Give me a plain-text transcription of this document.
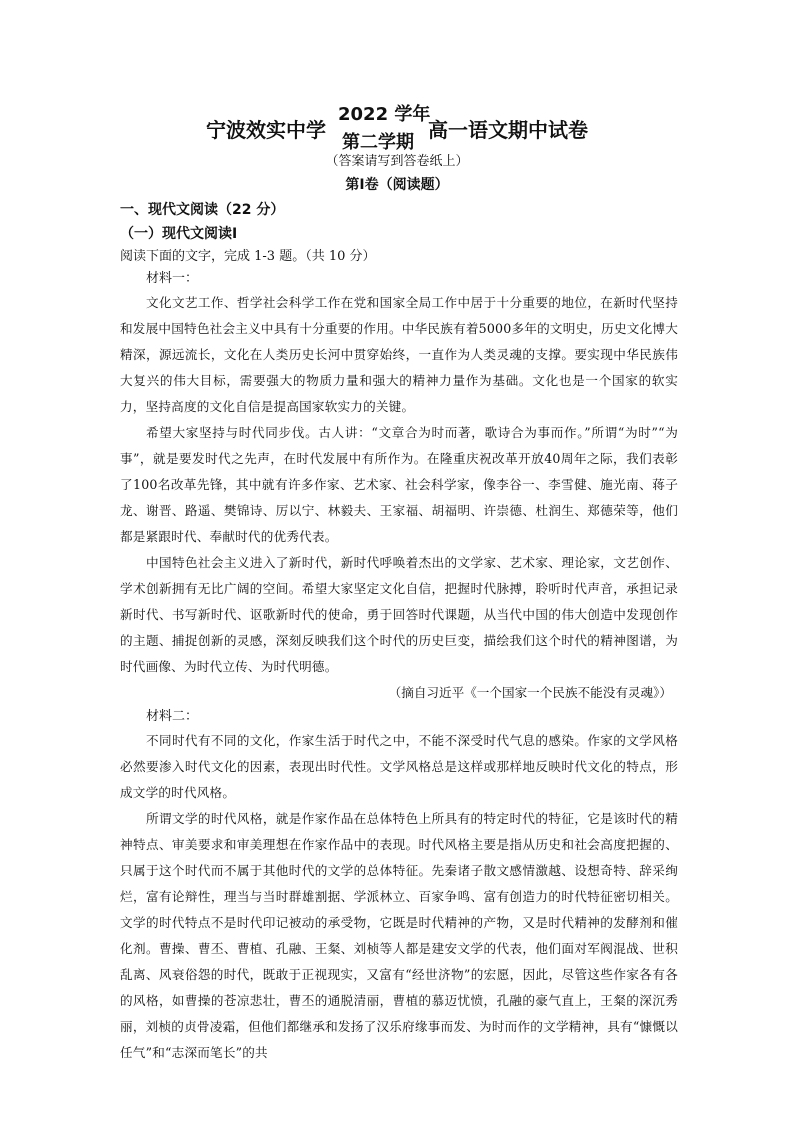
宁波效实中学
2022 学年
第二学期
高一语文期中试卷
（答案请写到答卷纸上）
第Ⅰ卷（阅读题）

一、现代文阅读（22 分）

（一）现代文阅读Ⅰ

阅读下面的文字，完成 1-3 题。（共 10 分）

材料一：

文化文艺工作、哲学社会科学工作在党和国家全局工作中居于十分重要的地位，在新时代坚持和发展中国特色社会主义中具有十分重要的作用。中华民族有着5000多年的文明史，历史文化博大精深，源远流长，文化在人类历史长河中贯穿始终，一直作为人类灵魂的支撑。要实现中华民族伟大复兴的伟大目标，需要强大的物质力量和强大的精神力量作为基础。文化也是一个国家的软实力，坚持高度的文化自信是提高国家软实力的关键。

希望大家坚持与时代同步伐。古人讲：“文章合为时而著，歌诗合为事而作。”所谓“为时”“为事”，就是要发时代之先声，在时代发展中有所作为。在隆重庆祝改革开放40周年之际，我们表彰了100名改革先锋，其中就有许多作家、艺术家、社会科学家，像李谷一、李雪健、施光南、蒋子龙、谢晋、路遥、樊锦诗、厉以宁、林毅夫、王家福、胡福明、许崇德、杜润生、郑德荣等，他们都是紧跟时代、奉献时代的优秀代表。

中国特色社会主义进入了新时代，新时代呼唤着杰出的文学家、艺术家、理论家，文艺创作、学术创新拥有无比广阔的空间。希望大家坚定文化自信，把握时代脉搏，聆听时代声音，承担记录新时代、书写新时代、讴歌新时代的使命，勇于回答时代课题，从当代中国的伟大创造中发现创作的主题、捕捉创新的灵感，深刻反映我们这个时代的历史巨变，描绘我们这个时代的精神图谱，为时代画像、为时代立传、为时代明德。

（摘自习近平《一个国家一个民族不能没有灵魂》）

材料二：

不同时代有不同的文化，作家生活于时代之中，不能不深受时代气息的感染。作家的文学风格必然要渗入时代文化的因素，表现出时代性。文学风格总是这样或那样地反映时代文化的特点，形成文学的时代风格。

所谓文学的时代风格，就是作家作品在总体特色上所具有的特定时代的特征，它是该时代的精神特点、审美要求和审美理想在作家作品中的表现。时代风格主要是指从历史和社会高度把握的、只属于这个时代而不属于其他时代的文学的总体特征。先秦诸子散文感情激越、设想奇特、辞采绚烂，富有论辩性，理当与当时群雄割据、学派林立、百家争鸣、富有创造力的时代特征密切相关。文学的时代特点不是时代印记被动的承受物，它既是时代精神的产物，又是时代精神的发酵剂和催化剂。曹操、曹丕、曹植、孔融、王粲、刘桢等人都是建安文学的代表，他们面对军阀混战、世积乱离、风衰俗怨的时代，既敢于正视现实，又富有“经世济物”的宏愿，因此，尽管这些作家各有各的风格，如曹操的苍凉悲壮，曹丕的通脱清丽，曹植的慕迈忧愤，孔融的豪气直上，王粲的深沉秀丽，刘桢的贞骨凌霜，但他们都继承和发扬了汉乐府缘事而发、为时而作的文学精神，具有“慷慨以任气”和“志深而笔长”的共
